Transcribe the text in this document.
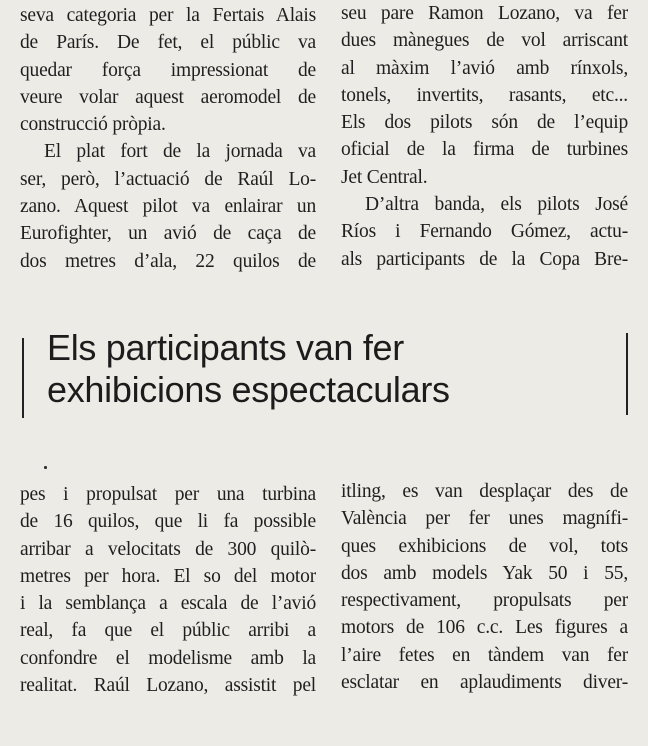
seva categoria per la Fertais Alais
de París. De fet, el públic va
quedar força impressionat de
veure volar aquest aeromodel de
construcció pròpia.
El plat fort de la jornada va
ser, però, l’actuació de Raúl Lo-
zano. Aquest pilot va enlairar un
Eurofighter, un avió de caça de
dos metres d’ala, 22 quilos de
seu pare Ramon Lozano, va fer
dues mànegues de vol arriscant
al màxim l’avió amb rínxols,
tonels, invertits, rasants, etc...
Els dos pilots són de l’equip
oficial de la firma de turbines
Jet Central.
D’altra banda, els pilots José
Ríos i Fernando Gómez, actu-
als participants de la Copa Bre-
Els participants van fer
exhibicions espectaculars
pes i propulsat per una turbina
de 16 quilos, que li fa possible
arribar a velocitats de 300 quilò-
metres per hora. El so del motor
i la semblança a escala de l’avió
real, fa que el públic arribi a
confondre el modelisme amb la
realitat. Raúl Lozano, assistit pel
itling, es van desplaçar des de
València per fer unes magnífi-
ques exhibicions de vol, tots
dos amb models Yak 50 i 55,
respectivament, propulsats per
motors de 106 c.c. Les figures a
l’aire fetes en tàndem van fer
esclatar en aplaudiments diver-
